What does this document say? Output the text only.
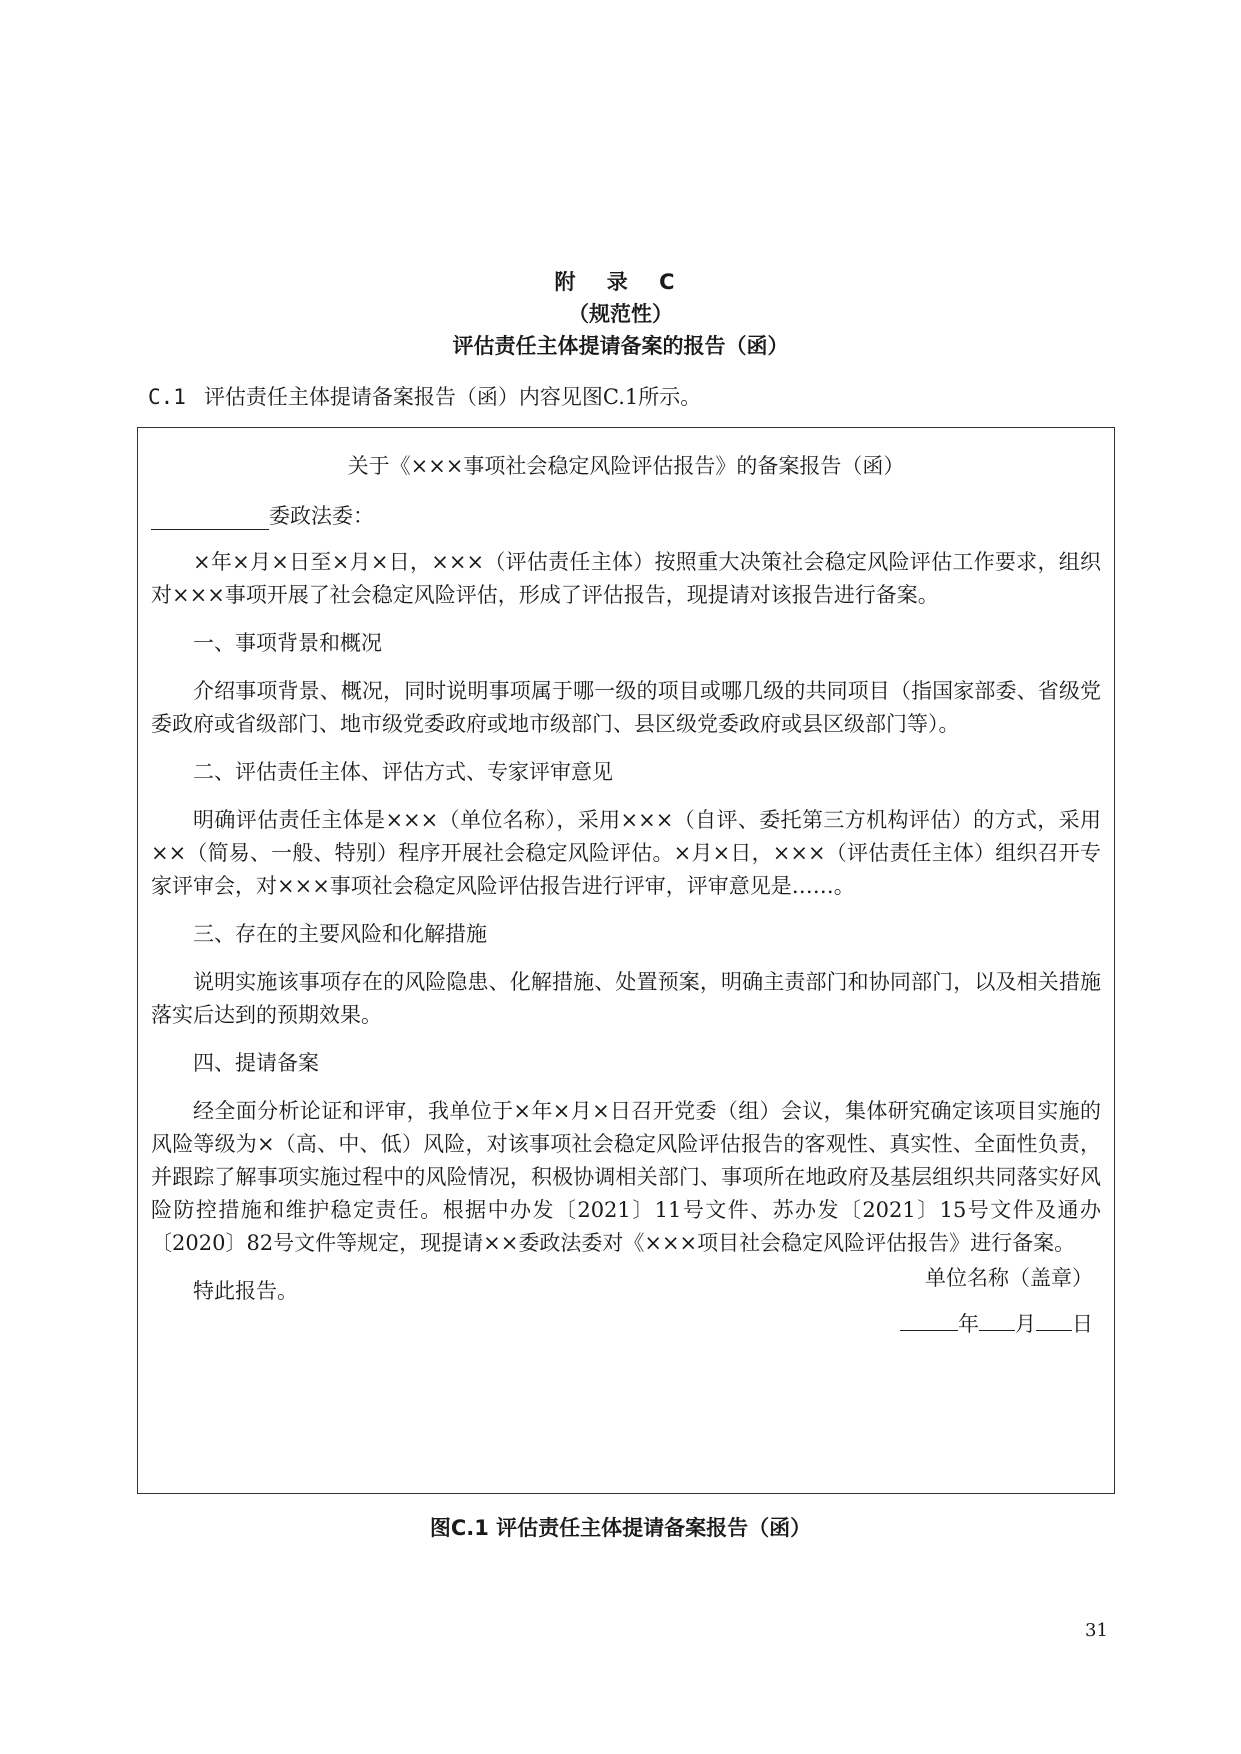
附 录 C
（规范性）
评估责任主体提请备案的报告（函）
C.1 评估责任主体提请备案报告（函）内容见图C.1所示。
关于《×××事项社会稳定风险评估报告》的备案报告（函）
委政法委：

×年×月×日至×月×日，×××（评估责任主体）按照重大决策社会稳定风险评估工作要求，组织对×××事项开展了社会稳定风险评估，形成了评估报告，现提请对该报告进行备案。

一、事项背景和概况

介绍事项背景、概况，同时说明事项属于哪一级的项目或哪几级的共同项目（指国家部委、省级党委政府或省级部门、地市级党委政府或地市级部门、县区级党委政府或县区级部门等）。

二、评估责任主体、评估方式、专家评审意见

明确评估责任主体是×××（单位名称），采用×××（自评、委托第三方机构评估）的方式，采用××（简易、一般、特别）程序开展社会稳定风险评估。×月×日，×××（评估责任主体）组织召开专家评审会，对×××事项社会稳定风险评估报告进行评审，评审意见是……。

三、存在的主要风险和化解措施

说明实施该事项存在的风险隐患、化解措施、处置预案，明确主责部门和协同部门，以及相关措施落实后达到的预期效果。

四、提请备案

经全面分析论证和评审，我单位于×年×月×日召开党委（组）会议，集体研究确定该项目实施的风险等级为×（高、中、低）风险，对该事项社会稳定风险评估报告的客观性、真实性、全面性负责，并跟踪了解事项实施过程中的风险情况，积极协调相关部门、事项所在地政府及基层组织共同落实好风险防控措施和维护稳定责任。根据中办发〔2021〕11号文件、苏办发〔2021〕15号文件及通办〔2020〕82号文件等规定，现提请××委政法委对《×××项目社会稳定风险评估报告》进行备案。

特此报告。

单位名称（盖章）
年 月 日
图C.1 评估责任主体提请备案报告（函）
31
